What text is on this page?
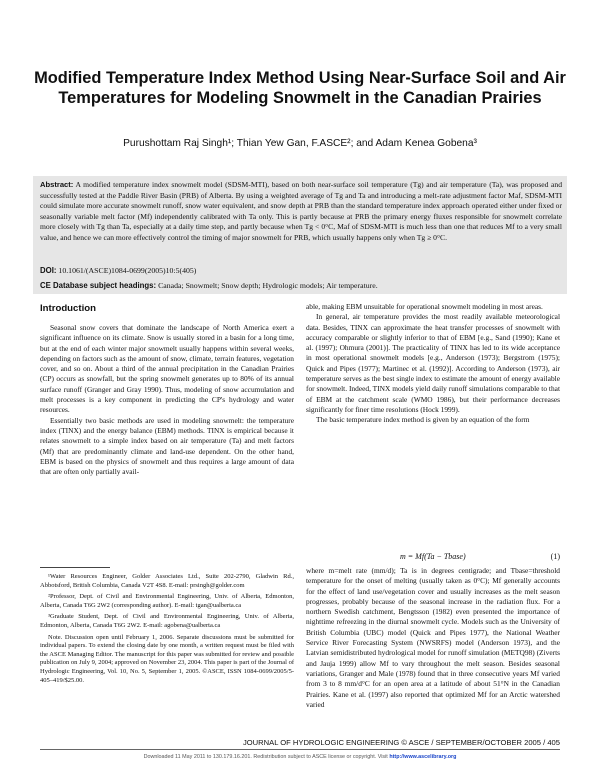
Modified Temperature Index Method Using Near-Surface Soil and Air Temperatures for Modeling Snowmelt in the Canadian Prairies
Purushottam Raj Singh¹; Thian Yew Gan, F.ASCE²; and Adam Kenea Gobena³
Abstract: A modified temperature index snowmelt model (SDSM-MTI), based on both near-surface soil temperature (Tg) and air temperature (Ta), was proposed and successfully tested at the Paddle River Basin (PRB) of Alberta. By using a weighted average of Tg and Ta and introducing a melt-rate adjustment factor Maf, SDSM-MTI could simulate more accurate snowmelt runoff, snow water equivalent, and snow depth at PRB than the standard temperature index approach operated either under fixed or seasonally variable melt factor (Mf) independently calibrated with Ta only. This is partly because at PRB the primary energy fluxes responsible for snowmelt correlate more closely with Tg than Ta, especially at a daily time step, and partly because when Tg < 0°C, Maf of SDSM-MTI is much less than one that reduces Mf to a very small value, and hence we can more effectively control the timing of major snowmelt for PRB, which usually happens only when Tg ≥ 0°C.
DOI: 10.1061/(ASCE)1084-0699(2005)10:5(405)
CE Database subject headings: Canada; Snowmelt; Snow depth; Hydrologic models; Air temperature.
Introduction

Seasonal snow covers that dominate the landscape of North America exert a significant influence on its climate. Snow is usually stored in a basin for a long time, but at the end of each winter major snowmelt usually happens within several weeks, depending on factors such as the amount of snow, climate, terrain features, vegetation cover, and so on. About a third of the annual precipitation in the Canadian Prairies (CP) occurs as snowfall, but the spring snowmelt generates up to 80% of its annual surface runoff (Granger and Gray 1990). Thus, modeling of snow accumulation and melt processes is a key component in predicting the CP's hydrology and water resources.

Essentially two basic methods are used in modeling snowmelt: the temperature index (TINX) and the energy balance (EBM) methods. TINX is empirical because it relates snowmelt to a simple index based on air temperature (Ta) and melt factors (Mf) that are predominantly climate and land-use dependent. On the other hand, EBM is based on the physics of snowmelt and thus requires a large amount of data that are often only partially avail-

¹Water Resources Engineer, Golder Associates Ltd., Suite 202-2790, Gladwin Rd., Abbotsford, British Columbia, Canada V2T 4S8. E-mail: prsingh@golder.com

²Professor, Dept. of Civil and Environmental Engineering, Univ. of Alberta, Edmonton, Alberta, Canada T6G 2W2 (corresponding author). E-mail: tgan@ualberta.ca

³Graduate Student, Dept. of Civil and Environmental Engineering, Univ. of Alberta, Edmonton, Alberta, Canada T6G 2W2. E-mail: agobena@ualberta.ca

Note. Discussion open until February 1, 2006. Separate discussions must be submitted for individual papers. To extend the closing date by one month, a written request must be filed with the ASCE Managing Editor. The manuscript for this paper was submitted for review and possible publication on July 9, 2004; approved on November 23, 2004. This paper is part of the Journal of Hydrologic Engineering, Vol. 10, No. 5, September 1, 2005. ©ASCE, ISSN 1084-0699/2005/5-405–419/$25.00.

able, making EBM unsuitable for operational snowmelt modeling in most areas.

In general, air temperature provides the most readily available meteorological data. Besides, TINX can approximate the heat transfer processes of snowmelt with accuracy comparable or slightly inferior to that of EBM [e.g., Sand (1990); Kane et al. (1997); Ohmura (2001)]. The practicality of TINX has led to its wide acceptance in most operational snowmelt models [e.g., Anderson (1973); Bergstrom (1975); Quick and Pipes (1977); Martinec et al. (1992)]. According to Anderson (1973), air temperature serves as the best single index to estimate the amount of energy available for snowmelt. Indeed, TINX models yield daily runoff simulations comparable to that of EBM at the catchment scale (WMO 1986), but their performance decreases significantly for finer time resolutions (Hock 1999).

The basic temperature index method is given by an equation of the form

m = Mf(Ta − Tbase)	(1)

where m=melt rate (mm/d); Ta is in degrees centigrade; and Tbase=threshold temperature for the onset of melting (usually taken as 0°C); Mf generally accounts for the effect of land use/vegetation cover and usually increases as the melt season progresses, probably because of the seasonal increase in the radiation flux. For a northern Swedish catchment, Bengtsson (1982) even presented the importance of nighttime refreezing in the diurnal snowmelt cycle. Models such as the University of British Columbia (UBC) model (Quick and Pipes 1977), the National Weather Service River Forecasting System (NWSRFS) model (Anderson 1973), and the Latvian semidistributed hydrological model for runoff simulation (METQ98) (Ziverts and Jauja 1999) allow Mf to vary throughout the melt season. Besides seasonal variations, Granger and Male (1978) found that in three consecutive years Mf varied from 3 to 8 mm/d°C for an open area at a latitude of about 51°N in the Canadian Prairies. Kane et al. (1997) also reported that optimized Mf for an Arctic watershed varied

JOURNAL OF HYDROLOGIC ENGINEERING © ASCE / SEPTEMBER/OCTOBER 2005 / 405
Downloaded 11 May 2011 to 130.179.16.201. Redistribution subject to ASCE license or copyright. Visit http://www.ascelibrary.org
